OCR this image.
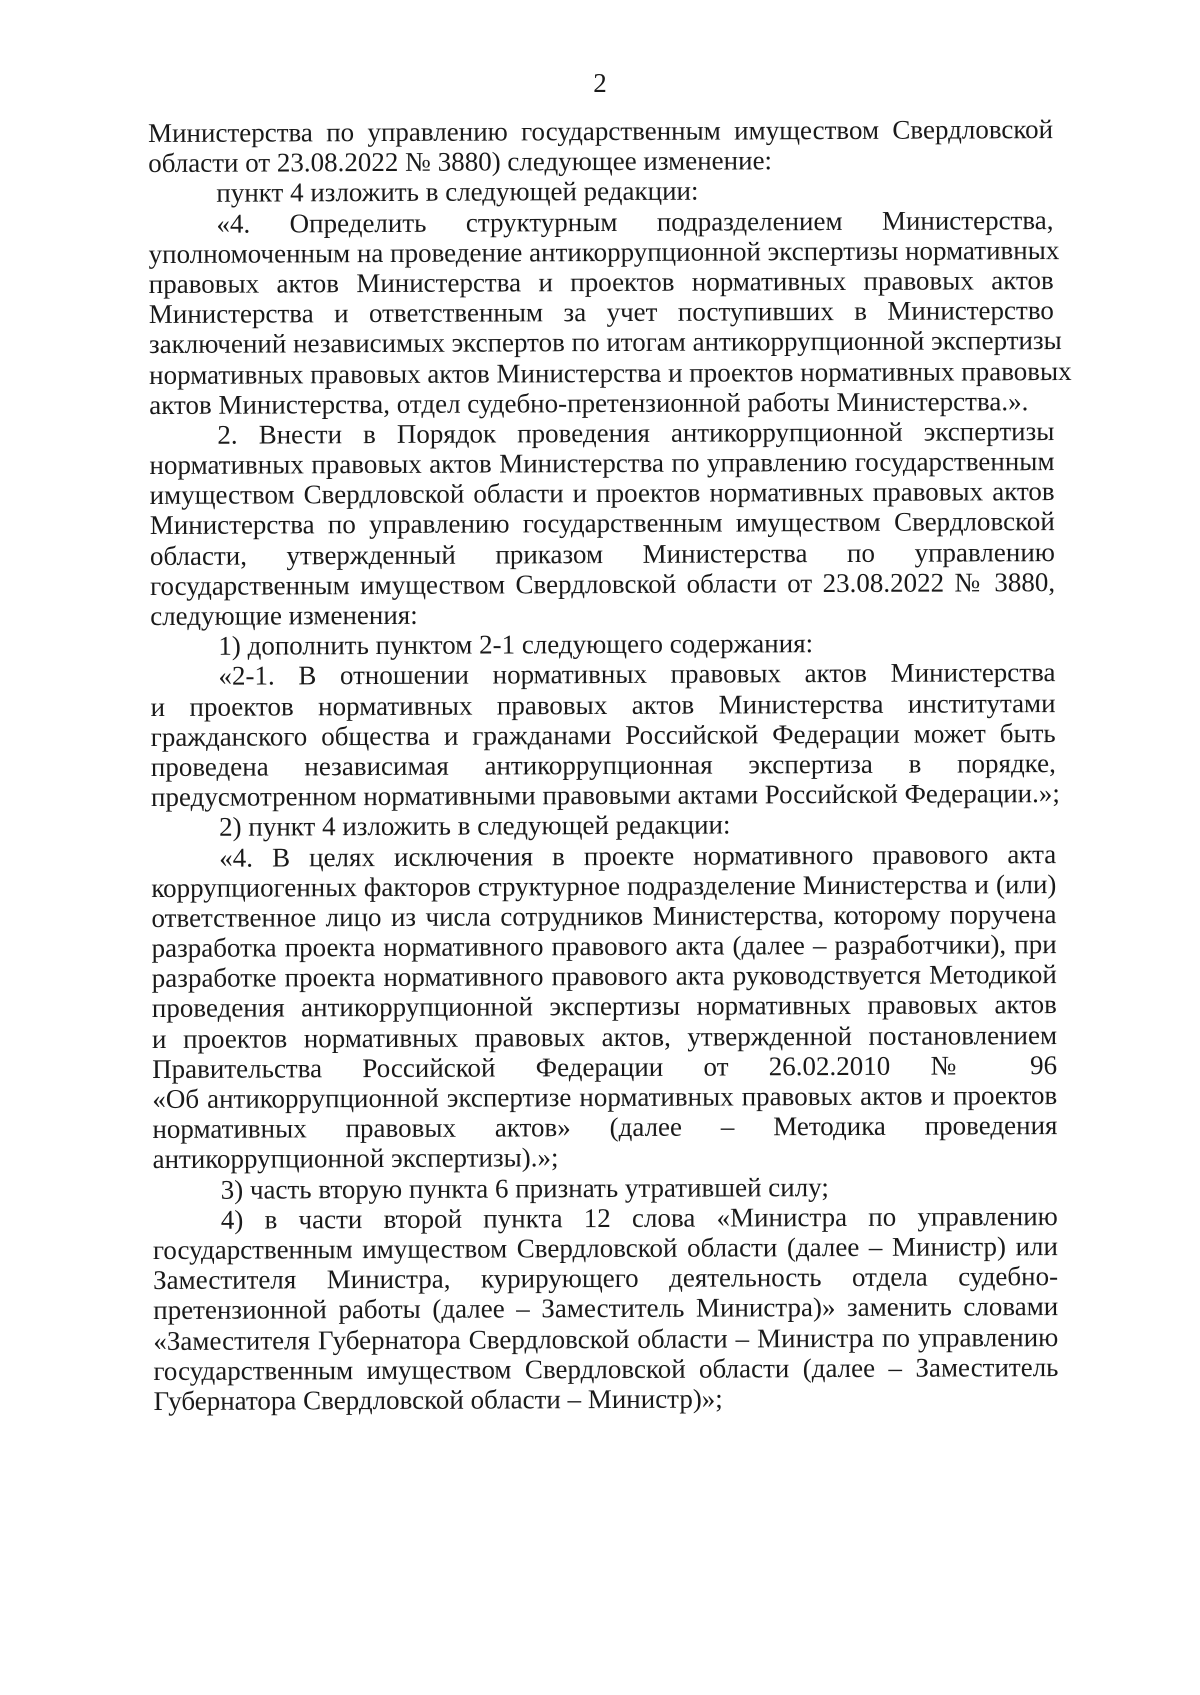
2
Министерства по управлению государственным имуществом Свердловской
области от 23.08.2022 № 3880) следующее изменение:
пункт 4 изложить в следующей редакции:
«4. Определить структурным подразделением Министерства,
уполномоченным на проведение антикоррупционной экспертизы нормативных
правовых актов Министерства и проектов нормативных правовых актов
Министерства и ответственным за учет поступивших в Министерство
заключений независимых экспертов по итогам антикоррупционной экспертизы
нормативных правовых актов Министерства и проектов нормативных правовых
актов Министерства, отдел судебно-претензионной работы Министерства.».
2. Внести в Порядок проведения антикоррупционной экспертизы
нормативных правовых актов Министерства по управлению государственным
имуществом Свердловской области и проектов нормативных правовых актов
Министерства по управлению государственным имуществом Свердловской
области, утвержденный приказом Министерства по управлению
государственным имуществом Свердловской области от 23.08.2022 № 3880,
следующие изменения:
1) дополнить пунктом 2-1 следующего содержания:
«2-1. В отношении нормативных правовых актов Министерства
и проектов нормативных правовых актов Министерства институтами
гражданского общества и гражданами Российской Федерации может быть
проведена независимая антикоррупционная экспертиза в порядке,
предусмотренном нормативными правовыми актами Российской Федерации.»;
2) пункт 4 изложить в следующей редакции:
«4. В целях исключения в проекте нормативного правового акта
коррупциогенных факторов структурное подразделение Министерства и (или)
ответственное лицо из числа сотрудников Министерства, которому поручена
разработка проекта нормативного правового акта (далее – разработчики), при
разработке проекта нормативного правового акта руководствуется Методикой
проведения антикоррупционной экспертизы нормативных правовых актов
и проектов нормативных правовых актов, утвержденной постановлением
Правительства Российской Федерации от 26.02.2010 № 96
«Об антикоррупционной экспертизе нормативных правовых актов и проектов
нормативных правовых актов» (далее – Методика проведения
антикоррупционной экспертизы).»;
3) часть вторую пункта 6 признать утратившей силу;
4) в части второй пункта 12 слова «Министра по управлению
государственным имуществом Свердловской области (далее – Министр) или
Заместителя Министра, курирующего деятельность отдела судебно-
претензионной работы (далее – Заместитель Министра)» заменить словами
«Заместителя Губернатора Свердловской области – Министра по управлению
государственным имуществом Свердловской области (далее – Заместитель
Губернатора Свердловской области – Министр)»;
